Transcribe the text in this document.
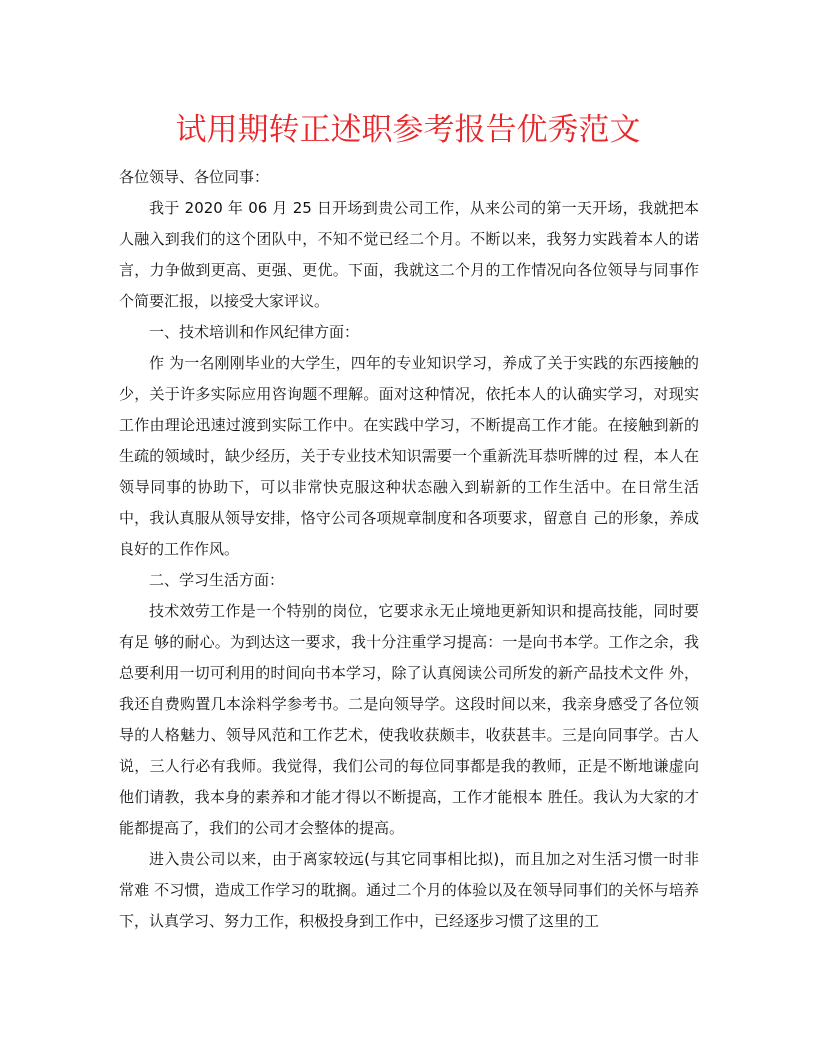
试用期转正述职参考报告优秀范文

各位领导、各位同事：

我于 2020 年 06 月 25 日开场到贵公司工作，从来公司的第一天开场，我就把本人融入到我们的这个团队中，不知不觉已经二个月。不断以来，我努力实践着本人的诺言，力争做到更高、更强、更优。下面，我就这二个月的工作情况向各位领导与同事作个简要汇报，以接受大家评议。

一、技术培训和作风纪律方面：

作 为一名刚刚毕业的大学生，四年的专业知识学习，养成了关于实践的东西接触的少，关于许多实际应用咨询题不理解。面对这种情况，依托本人的认确实学习，对现实 工作由理论迅速过渡到实际工作中。在实践中学习，不断提高工作才能。在接触到新的生疏的领域时，缺少经历，关于专业技术知识需要一个重新洗耳恭听牌的过 程，本人在领导同事的协助下，可以非常快克服这种状态融入到崭新的工作生活中。在日常生活中，我认真服从领导安排，恪守公司各项规章制度和各项要求，留意自 己的形象，养成良好的工作作风。

二、学习生活方面：

技术效劳工作是一个特别的岗位，它要求永无止境地更新知识和提高技能，同时要有足 够的耐心。为到达这一要求，我十分注重学习提高：一是向书本学。工作之余，我总要利用一切可利用的时间向书本学习，除了认真阅读公司所发的新产品技术文件 外，我还自费购置几本涂料学参考书。二是向领导学。这段时间以来，我亲身感受了各位领导的人格魅力、领导风范和工作艺术，使我收获颇丰，收获甚丰。三是向同事学。古人说，三人行必有我师。我觉得，我们公司的每位同事都是我的教师，正是不断地谦虚向他们请教，我本身的素养和才能才得以不断提高，工作才能根本 胜任。我认为大家的才能都提高了，我们的公司才会整体的提高。

进入贵公司以来，由于离家较远(与其它同事相比拟)，而且加之对生活习惯一时非常难 不习惯，造成工作学习的耽搁。通过二个月的体验以及在领导同事们的关怀与培养下，认真学习、努力工作，积极投身到工作中，已经逐步习惯了这里的工
